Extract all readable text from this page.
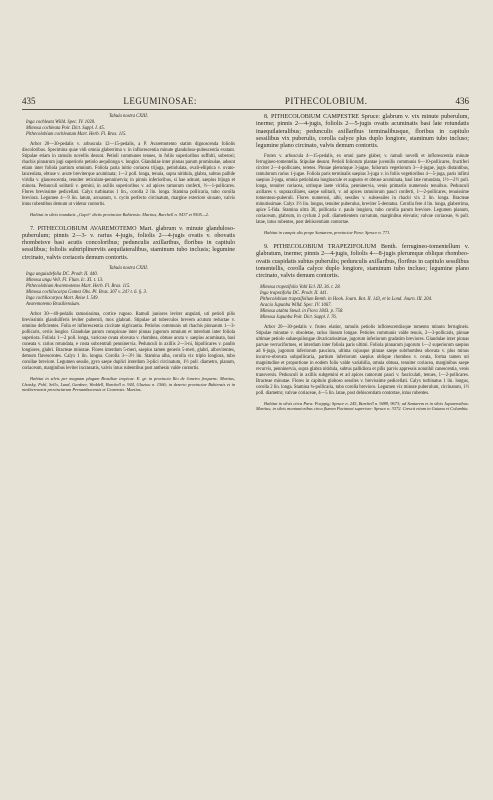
435	LEGUMINOSAE:	PITHECOLOBIUM.	436

Tabula nostra CXIII.

Inga cochleata Willd. Spec. IV. 1020.

Mimosa cochleata Poir. Dict. Suppl. I. 45.

Pithecolobium cochleatum Mart. Herb. Fl. Bras. 115.

Arbor 20—30-pedalis v. arbuscula 12—15-pedalis, a P. Avaremotemo statim dignoscenda foliolis discoloribus. Specimina quae vidi omnia glaberrima v. in inflorescentia minute glanduloso-pubescentia exstant. Stipulae etiam in ramulis novellis desunt. Petioli communes tenues, in foliis superioribus suffulti, suberosi; rhachis pinnarum jugi superioris petiolo aequilonga v. longior. Glandulae inter pinnas parum prominulae, adsunt etiam inter foliola partium omnium. Foliola paria initio coriacea trijuga, petiolulata, ovali-elliptica v. ovato-lanceolata, obtuse v. acute breviterque acuminata; 1—2 poll. longa, tenuia, supra nitidula, glabra, subtus pallide viridia v. glaucescentia, tenuiter reticulato-penninervia; in pinnis inferioribus, si hae adsunt, saepius bijuga et minora. Pedunculi solitarii v. gemini, in axillis superioribus v. ad apices ramorum conferti, ½—1-pollicares. Flores brevissime pedicellati. Calyx turbinatus 1 lin., corolla 2 lin. longa. Stamina pollicaria, tubo corolla breviora. Legumen 4—9 lin. latum, arcuatum, v. cyclo perfecto circinatum, margine exteriore sinuato, valvis intus rubentibus demum ut videtur contortis.

Habitat in silvis inundatis „Gapó“ dictis provinciae Bahiensis: Martius, Burchell n. 9437 et 9505—2.

7. PITHECOLOBIUM AVAREMOTEMO Mart. glabrum v. minute glanduloso-puberulum; pinnis 2—3- v. rarius 4-jugis, foliolis 2—4-jugis ovatis v. obovatis rhombeisve basi acutis concoloribus; pedunculis axillaribus, floribus in capitulo sessilibus; foliolis subtriplinerviis aequilateralibus, staminum tubo inclusis; legumine circinato, valvis coriaceis demum contortis.

Tabula nostra CXIII.

Inga unguisdefolia DC. Prodr. II. 440.

Mimosa ungu Vell. Fl. Flum. Ic. XI. t. 13.

Pithecolobium Avaremotemo Mart. Herb. Fl. Bras. 115.

Mimosa cochliocarpa Gomez Obs. Pl. Bras. 307 v. 24? t. 6. §. 3.

Inga cochliocarpos Mart. Reise I. 549.

Avaremotemo Brasiliensium.

Arbor 30—40-pedalis ramosissima, cortice rugoso. Ramuli juniores leviter angulati, uti petioli pilis brevissimis glanduliferis leviter puberuli, mox glabrati. Stipulae ad tuberculos brevem acutum reductae v. omnino deficientes. Folia et inflorescentia ciccitate nigricantia. Petiolus communis uti rhachis pinnarum 1—3-pollicaris, ceriis longior. Glandulae parum conspicuae inter pinnas jugorum omnium et interdum inter foliola superiora. Foliola 1—2 poll. longa, varicose ovata obovata v. rhombea, obtuse acuta v. saepius acuminata, basi cuneata v. rarius rotundata, e costa subcentrali penninervia. Pedunculi in axillis 2—3-ni, bipollicares v. paullo longiores, glabri. Bracteae minutae. Flores interdum 5-meri, saepius tamen generis 5-meri, glabri, albovirentes, demum flavescentes. Calyx 1 lin. longus. Corolla 3—3½ lin. Stamina alba, corolla vix triplo longiora, tubo corollae breviore. Legumen sessile, gyro saepe duplici interdum 3-plici circinatum, 1½ poll. diametro, planum, coriaceum, marginibus leviter incrassatis, valvis intus rubentibus post anthesin valde contortis.

Habitat in silvis per magnam plagam Brasiliae tropicae. E. gr. in provincia Rio de Janeiro frequens: Martius, Lhotsky, Pohl, Sello, Lund, Gardner, Weddell, Burchell n. 944, Glaziou n. 1566; in deserto provinciae Bahiensis et in mediterraneis provinciarum Pernambucensis et Cearensis: Martius.

8. PITHECOLOBIUM CAMPESTRE Spruce: glabrum v. vix minute puberulum, inerme; pinnis 2—4-jugis, foliolis 2—5-jugis ovatis acuminatis basi late rotundatis inaequilateralibus; pedunculis axillaribus terminalibusque, floribus in capitulo sessilibus vix puberulis, corolla calyce plus duplo longiore, staminum tubo incluso; legumine plano circinato, valvis demum contortis.

Frutex v. arbuscula 4—15-pedalis, ex omni parte glaber, v. ramuli novelli et inflorescentia minute ferrugineo-tomentella. Stipulae desunt. Petioli foliorum plantae juvenilis communis 6—10-pollicares, fructiferi circiter 2—4-pollicares, teretes. Pinnae plerumque 3-jugae, foliorum vegetiorum 3—4-jugae, jugis distantibus, ramulorum rarius 1-jugae. Foliola paris terminalis saepius 3-juga v. in foliis vegetioribus 4—5-juga, paris infimi saepius 2-juga, omnia petiolulata longiuscule et augusto et obtuse acuminata, basi late rotundata, 1½—2½ poll. longa, tenuiter coriacea, utrinque laete viridia, penninervia, venis primariis numerosis tenuibus. Pedunculi axillares v. supraaxillares, saepe solitarii, v. ad apices ramulorum pauci conferti, 1—2-pollicares, tenuissime tomentoso-puberuli. Flores numerosi, albi, sessiles v. subsessiles in rhachi vix 2 lin. longa. Bracteae minutissimae. Calyx 1½ lin. longus, tenuiter puberulus, breviter 5-dentatus. Corolla fere 4 lin. longa, glaberrima, apice 5-fida. Stamina ultra 30, pollicaria v. paulo longiora, tubo corolla parum breviore. Legumen planum, coriaceum, glabrum, in cyclum 2 poll. diametientem curvatum, marginibus elevatis; valvae coriaceae, ¾ poll. latae, intus rubentes, post dehiscentiam contortae.

Habitat in campis ulis prope Santarem, provinciae Para: Spruce n. 771.

9. PITHECOLOBIUM TRAPEZIFOLIUM Benth. ferrugineo-tomentellum v. glabratum, inerme; pinnis 2—4-jugis, foliolis 4—8-jugis plerumque oblique rhombeo-ovatis cuspidatis subtus puberulis; pedunculis axillaribus, floribus in capitulo sessilibus tomentellis, corolla calyce duplo longiore, staminum tubo incluso; legumine plano circinato, valvis demum contortis.

Mimosa trapezifolia Vahl Ecl. III. 36. t. 28.

Inga trapezifolia DC. Prodr. II. 441.

Pithecolobium trapezifolium Benth. in Hook. Journ. Bot. II. 143, et in Lond. Journ. III. 204.

Acacia Jupunba Willd. Spec. IV. 1067.

Mimosa atabta Steud. in Flora 1843. p. 758.

Mimosa Jupunba Poir. Dict. Suppl. I. 76.

Arbor 20—30-pedalis v. frutex elatior, ramulis petiolis inflorescentiisque tomento minuto ferrugineis. Stipulae minutae v. obsoletae, rarius lineam longae. Petioles communis valde tenuis, 2—3-pollicaris, pinnae ultimae petiolo subaequilongae divaricatissimae, jugorum inferiorum gradatim breviores. Glandulae inter pinnas parvae verruciformes, et interdum inter foliola paris ultimi. Foliola pinnarum jugorum 1—2 superiorum saepius ad 6-juga, jugorum inferiorum pauciora, ultima cujusque pinnae saepe subrhombea obovata v. plus minus incurvo-obovata subpollicaria, partium inferiorum saepius oblique rhombea v. ovata, forma tamen uti magnitudine et proportione in eodem folio valde variabilia, omnia obtusa, tenuiter coriacea, marginibus saepe recurvis, penninervia, supra glabra nitidula, subtus pallidiora et pilis parvis appressis nonnihil canescentia, venis transversis. Pedunculi in axillis subgemini et ad apices ramorum pauci v. fasciculati, tenues, 1—2-pollicares. Bracteae minutae. Flores in capitulo globoso sessiles v. brevissime pedicellati. Calyx turbinatus 1 lin. longus, corolla 2 lin. longa. Stamina ¾-pollicaria, tubo corolla brevioro. Legumen vix minute puberulum, circinatum, 1½ poll. diametro; valvae coriaceae, 4—5 lin. latae, post dehiscentiam contortae, intus rubentes.

Habitat in silvis circa Para: Poeppig; Spruce n. 245, Burchell n. 9489, 9673; ad Santarem et in silvis Japurensibus: Martius; in silvis montanioribus circa flumen Pacimoni superiore: Spruce n. 3372. Crescit etiam in Guiana et Columbia.
